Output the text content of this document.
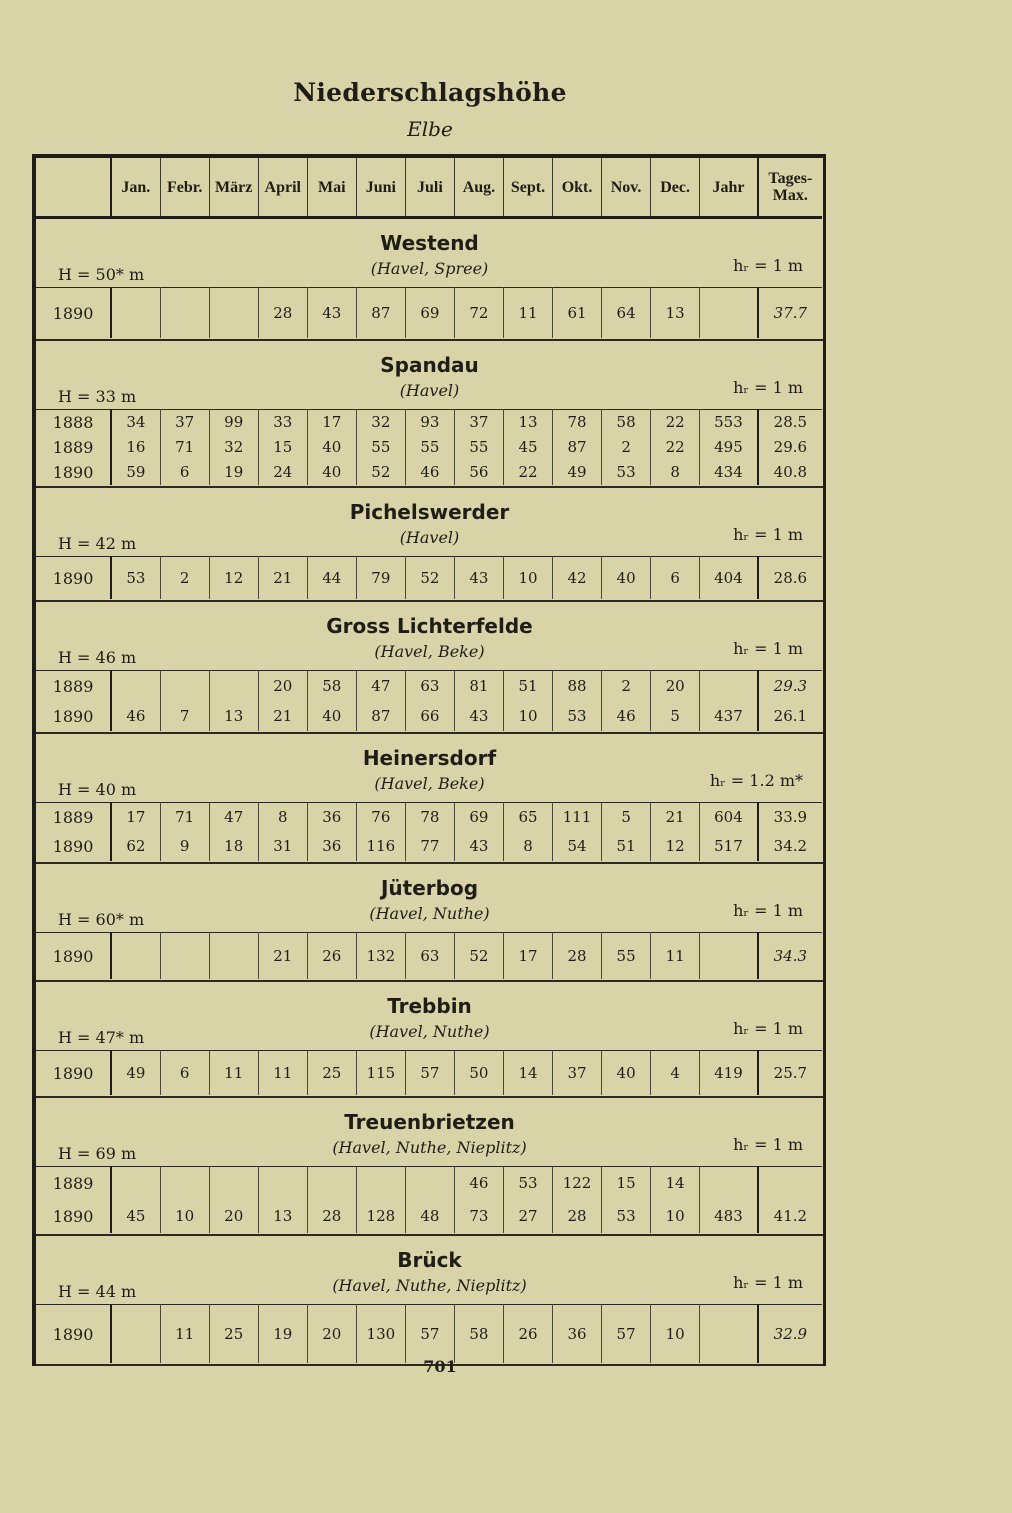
Niederschlagshöhe
Elbe
	Jan.	Febr.	März	April	Mai	Juni	Juli	Aug.	Sept.	Okt.	Nov.	Dec.	Jahr	Tages-
Max.
Westend
(Havel, Spree)
H = 50* m	hᵣ = 1 m
1890				28	43	87	69	72	11	61	64	13		37.7
Spandau
(Havel)
H = 33 m	hᵣ = 1 m
1888	34	37	99	33	17	32	93	37	13	78	58	22	553	28.5
1889	16	71	32	15	40	55	55	55	45	87	2	22	495	29.6
1890	59	6	19	24	40	52	46	56	22	49	53	8	434	40.8
Pichelswerder
(Havel)
H = 42 m	hᵣ = 1 m
1890	53	2	12	21	44	79	52	43	10	42	40	6	404	28.6
Gross Lichterfelde
(Havel, Beke)
H = 46 m	hᵣ = 1 m
1889				20	58	47	63	81	51	88	2	20		29.3
1890	46	7	13	21	40	87	66	43	10	53	46	5	437	26.1
Heinersdorf
(Havel, Beke)
H = 40 m	hᵣ = 1.2 m*
1889	17	71	47	8	36	76	78	69	65	111	5	21	604	33.9
1890	62	9	18	31	36	116	77	43	8	54	51	12	517	34.2
Jüterbog
(Havel, Nuthe)
H = 60* m	hᵣ = 1 m
1890				21	26	132	63	52	17	28	55	11		34.3
Trebbin
(Havel, Nuthe)
H = 47* m	hᵣ = 1 m
1890	49	6	11	11	25	115	57	50	14	37	40	4	419	25.7
Treuenbrietzen
(Havel, Nuthe, Nieplitz)
H = 69 m	hᵣ = 1 m
1889								46	53	122	15	14		
1890	45	10	20	13	28	128	48	73	27	28	53	10	483	41.2
Brück
(Havel, Nuthe, Nieplitz)
H = 44 m	hᵣ = 1 m
1890		11	25	19	20	130	57	58	26	36	57	10		32.9
701
